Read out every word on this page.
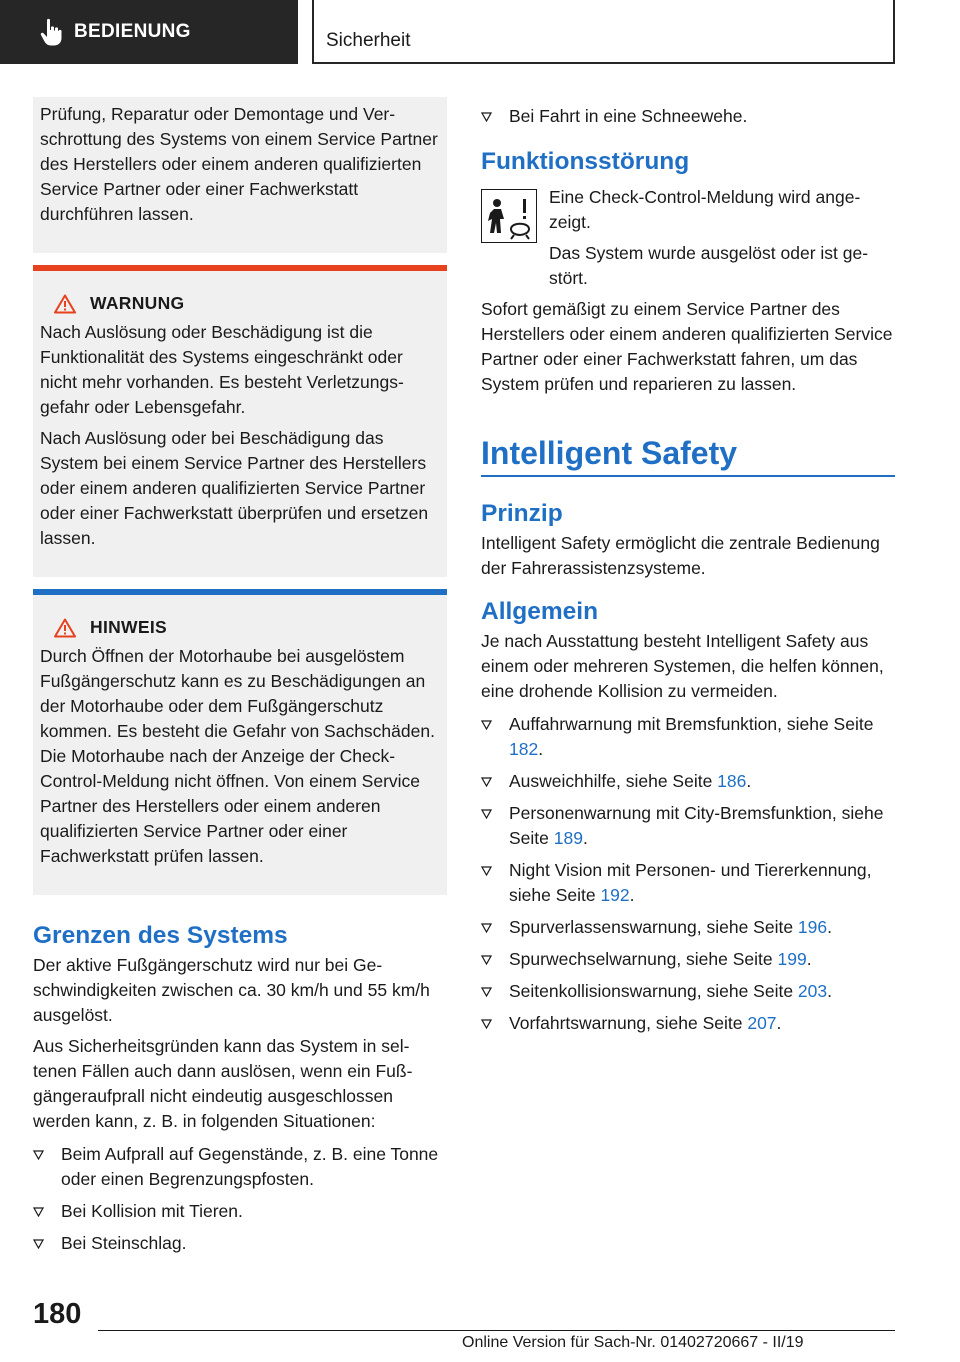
BEDIENUNG	Sicherheit

Prüfung, Reparatur oder Demontage und Verschrottung des Systems von einem Service Partner des Herstellers oder einem anderen qualifizierten Service Partner oder einer Fachwerkstatt durchführen lassen.

WARNUNG

Nach Auslösung oder Beschädigung ist die Funktionalität des Systems eingeschränkt oder nicht mehr vorhanden. Es besteht Verletzungsgefahr oder Lebensgefahr.

Nach Auslösung oder bei Beschädigung das System bei einem Service Partner des Herstellers oder einem anderen qualifizierten Service Partner oder einer Fachwerkstatt überprüfen und ersetzen lassen.

HINWEIS

Durch Öffnen der Motorhaube bei ausgelöstem Fußgängerschutz kann es zu Beschädigungen an der Motorhaube oder dem Fußgängerschutz kommen. Es besteht die Gefahr von Sachschäden. Die Motorhaube nach der Anzeige der Check-Control-Meldung nicht öffnen. Von einem Service Partner des Herstellers oder einem anderen qualifizierten Service Partner oder einer Fachwerkstatt prüfen lassen.

Grenzen des Systems

Der aktive Fußgängerschutz wird nur bei Geschwindigkeiten zwischen ca. 30 km/h und 55 km/h ausgelöst.

Aus Sicherheitsgründen kann das System in seltenen Fällen auch dann auslösen, wenn ein Fußgängeraufprall nicht eindeutig ausgeschlossen werden kann, z. B. in folgenden Situationen:

Beim Aufprall auf Gegenstände, z. B. eine Tonne oder einen Begrenzungspfosten.
Bei Kollision mit Tieren.
Bei Steinschlag.
Bei Fahrt in eine Schneewehe.
Funktionsstörung

Eine Check-Control-Meldung wird angezeigt.

Das System wurde ausgelöst oder ist gestört.

Sofort gemäßigt zu einem Service Partner des Herstellers oder einem anderen qualifizierten Service Partner oder einer Fachwerkstatt fahren, um das System prüfen und reparieren zu lassen.

Intelligent Safety
Prinzip

Intelligent Safety ermöglicht die zentrale Bedienung der Fahrerassistenzsysteme.

Allgemein

Je nach Ausstattung besteht Intelligent Safety aus einem oder mehreren Systemen, die helfen können, eine drohende Kollision zu vermeiden.

Auffahrwarnung mit Bremsfunktion, siehe Seite 182.
Ausweichhilfe, siehe Seite 186.
Personenwarnung mit City-Bremsfunktion, siehe Seite 189.
Night Vision mit Personen- und Tiererkennung, siehe Seite 192.
Spurverlassenswarnung, siehe Seite 196.
Spurwechselwarnung, siehe Seite 199.
Seitenkollisionswarnung, siehe Seite 203.
Vorfahrtswarnung, siehe Seite 207.
180
Online Version für Sach-Nr. 01402720667 - II/19
